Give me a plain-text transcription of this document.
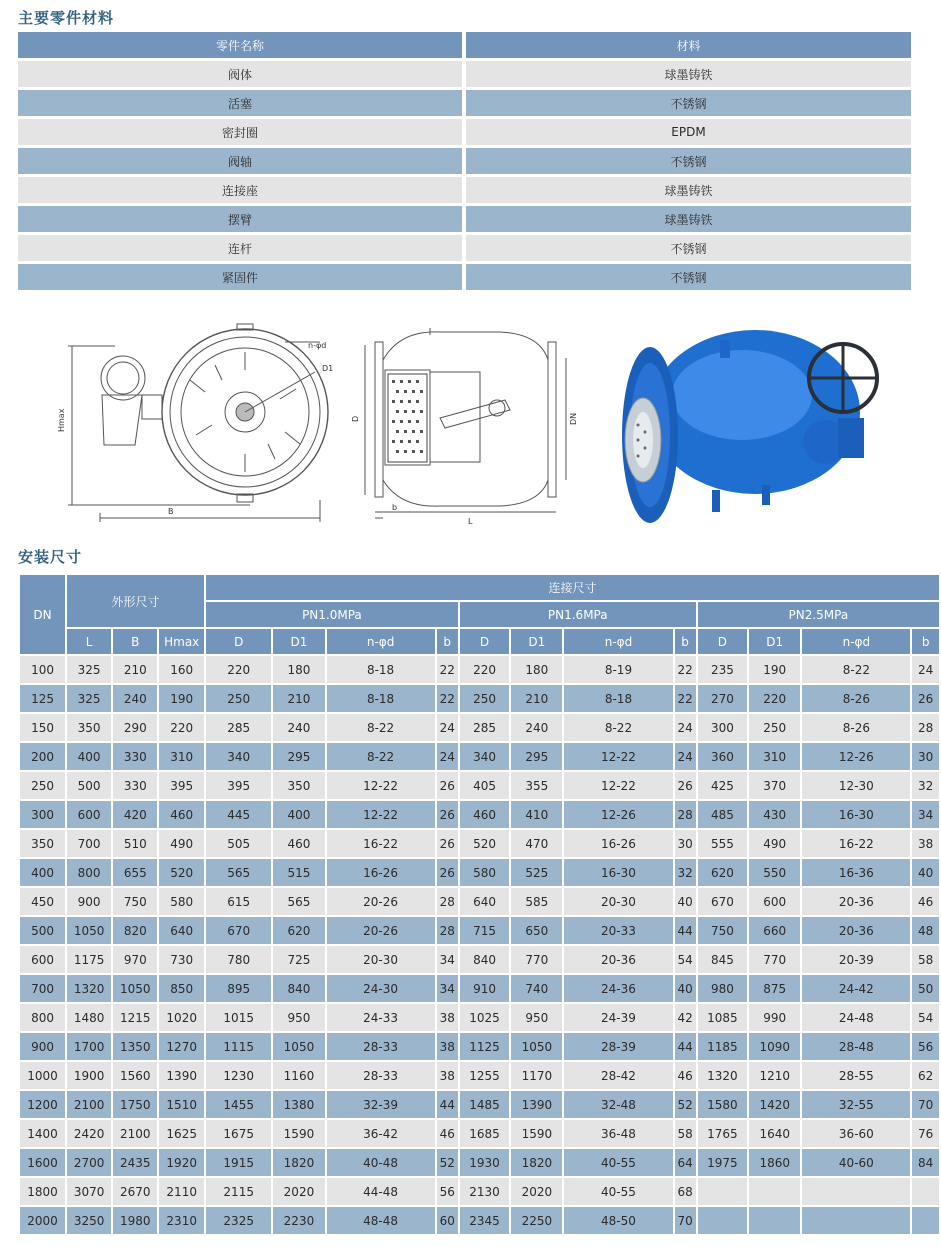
主要零件材料
零件名称	材料
阀体	球墨铸铁
活塞	不锈钢
密封圈	EPDM
阀轴	不锈钢
连接座	球墨铸铁
摆臂	球墨铸铁
连杆	不锈钢
紧固件	不锈钢
Hmax
B
n-φd
D1
D	DN
b
L
安装尺寸
DN	外形尺寸			连接尺寸											
				PN1.0MPa				PN1.6MPa				PN2.5MPa			
	L	B	Hmax	D	D1	n-φd	b	D	D1	n-φd	b	D	D1	n-φd	b
100	325	210	160	220	180	8-18	22	220	180	8-19	22	235	190	8-22	24
125	325	240	190	250	210	8-18	22	250	210	8-18	22	270	220	8-26	26
150	350	290	220	285	240	8-22	24	285	240	8-22	24	300	250	8-26	28
200	400	330	310	340	295	8-22	24	340	295	12-22	24	360	310	12-26	30
250	500	330	395	395	350	12-22	26	405	355	12-22	26	425	370	12-30	32
300	600	420	460	445	400	12-22	26	460	410	12-26	28	485	430	16-30	34
350	700	510	490	505	460	16-22	26	520	470	16-26	30	555	490	16-22	38
400	800	655	520	565	515	16-26	26	580	525	16-30	32	620	550	16-36	40
450	900	750	580	615	565	20-26	28	640	585	20-30	40	670	600	20-36	46
500	1050	820	640	670	620	20-26	28	715	650	20-33	44	750	660	20-36	48
600	1175	970	730	780	725	20-30	34	840	770	20-36	54	845	770	20-39	58
700	1320	1050	850	895	840	24-30	34	910	740	24-36	40	980	875	24-42	50
800	1480	1215	1020	1015	950	24-33	38	1025	950	24-39	42	1085	990	24-48	54
900	1700	1350	1270	1115	1050	28-33	38	1125	1050	28-39	44	1185	1090	28-48	56
1000	1900	1560	1390	1230	1160	28-33	38	1255	1170	28-42	46	1320	1210	28-55	62
1200	2100	1750	1510	1455	1380	32-39	44	1485	1390	32-48	52	1580	1420	32-55	70
1400	2420	2100	1625	1675	1590	36-42	46	1685	1590	36-48	58	1765	1640	36-60	76
1600	2700	2435	1920	1915	1820	40-48	52	1930	1820	40-55	64	1975	1860	40-60	84
1800	3070	2670	2110	2115	2020	44-48	56	2130	2020	40-55	68				
2000	3250	1980	2310	2325	2230	48-48	60	2345	2250	48-50	70				
